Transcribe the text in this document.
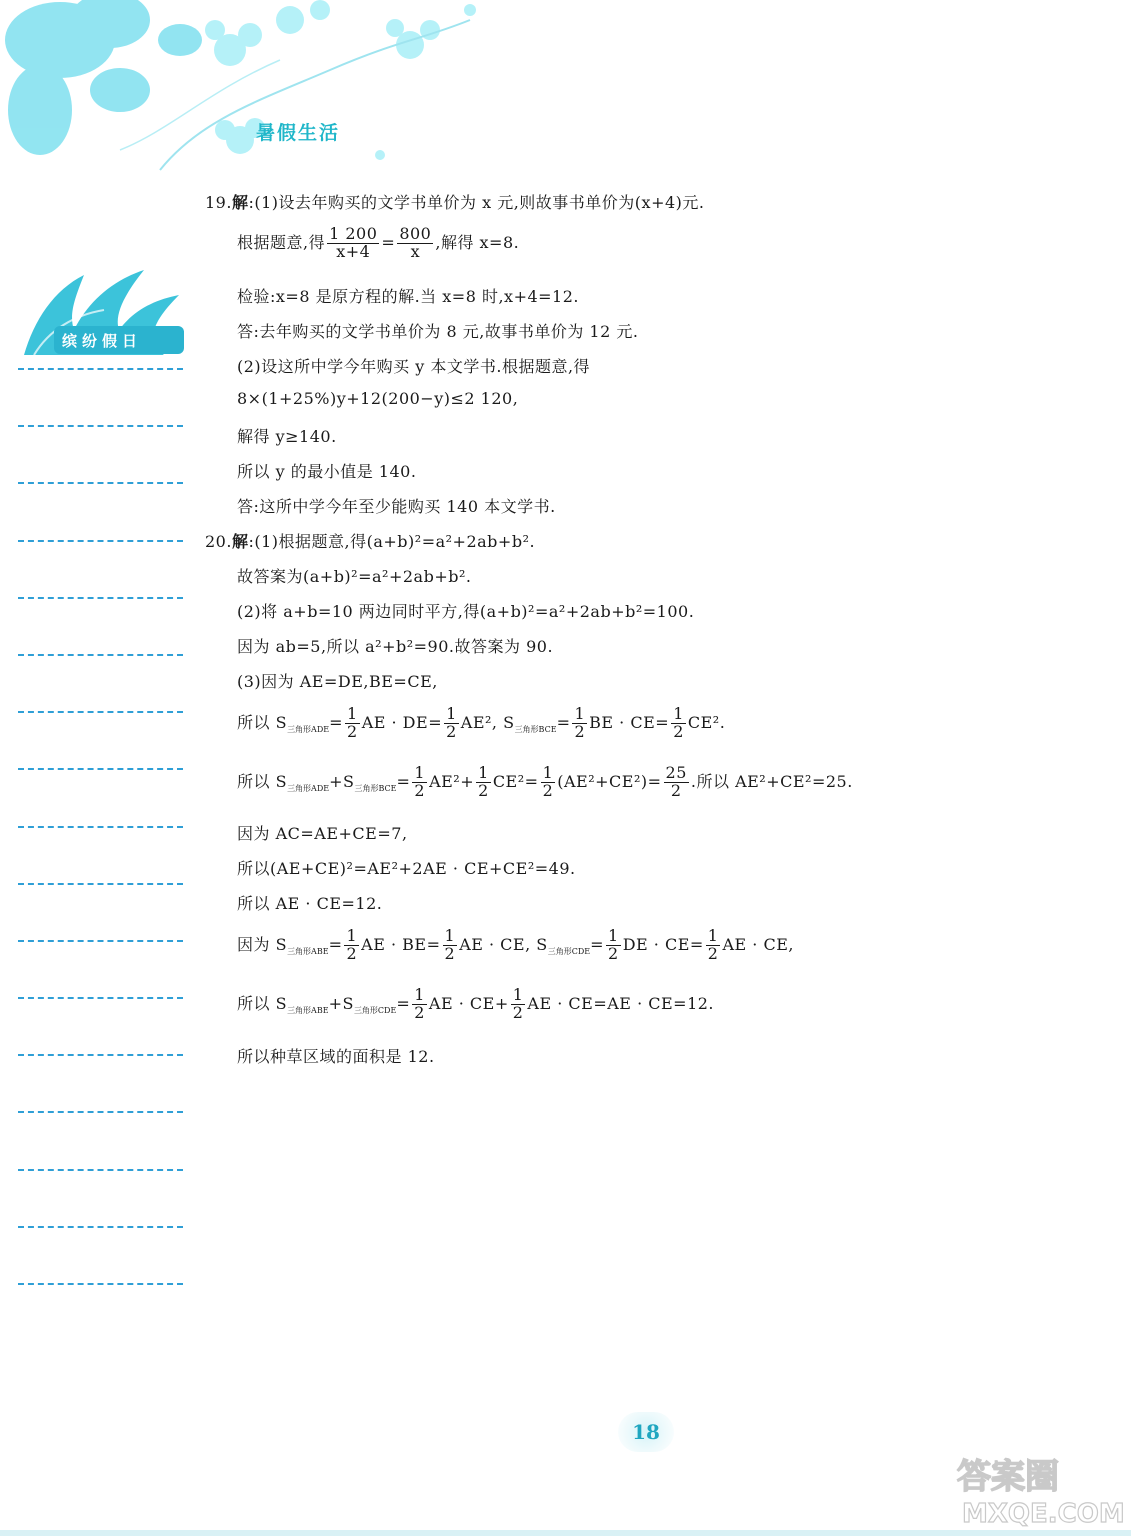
暑假生活
缤纷假日
19.解:(1)设去年购买的文学书单价为 x 元,则故事书单价为(x+4)元.
根据题意,得 $\frac{1 200}{x+4} = \frac{800}{x}$ ,解得 x=8.
检验:x=8 是原方程的解.当 x=8 时,x+4=12.
答:去年购买的文学书单价为 8 元,故事书单价为 12 元.
(2)设这所中学今年购买 y 本文学书.根据题意,得
8×(1+25%)y+12(200−y)≤2 120,
解得 y≥140.
所以 y 的最小值是 140.
答:这所中学今年至少能购买 140 本文学书.
20.解:(1)根据题意,得(a+b)²=a²+2ab+b².
故答案为(a+b)²=a²+2ab+b².
(2)将 a+b=10 两边同时平方,得(a+b)²=a²+2ab+b²=100.
因为 ab=5,所以 a²+b²=90.故答案为 90.
(3)因为 AE=DE,BE=CE,
所以 $S_{三角形ADE}= \frac{1}{2}$ AE · $DE= \frac{1}{2} AE^2$, $S_{三角形BCE}= \frac{1}{2}$ BE · $CE= \frac{1}{2} CE^2$.
所以 $S_{三角形ADE}+S_{三角形BCE}= \frac{1}{2} AE^2+ \frac{1}{2} CE^2= \frac{1}{2} (AE^2+CE^2)= \frac{25}{2}$ .所以 AE²+CE²=25.
因为 AC=AE+CE=7,
所以(AE+CE)²=AE²+2AE · CE+CE²=49.
所以 AE · CE=12.
因为 $S_{三角形ABE}= \frac{1}{2}$ AE · $BE= \frac{1}{2}$ AE · CE, $S_{三角形CDE}= \frac{1}{2}$ DE · $CE= \frac{1}{2}$ AE · CE,
所以 $S_{三角形ABE}+S_{三角形CDE}= \frac{1}{2}$ AE · $CE+ \frac{1}{2}$ AE · CE=AE · CE=12.
所以种草区域的面积是 12.
18
答案圈
MXQE.COM
